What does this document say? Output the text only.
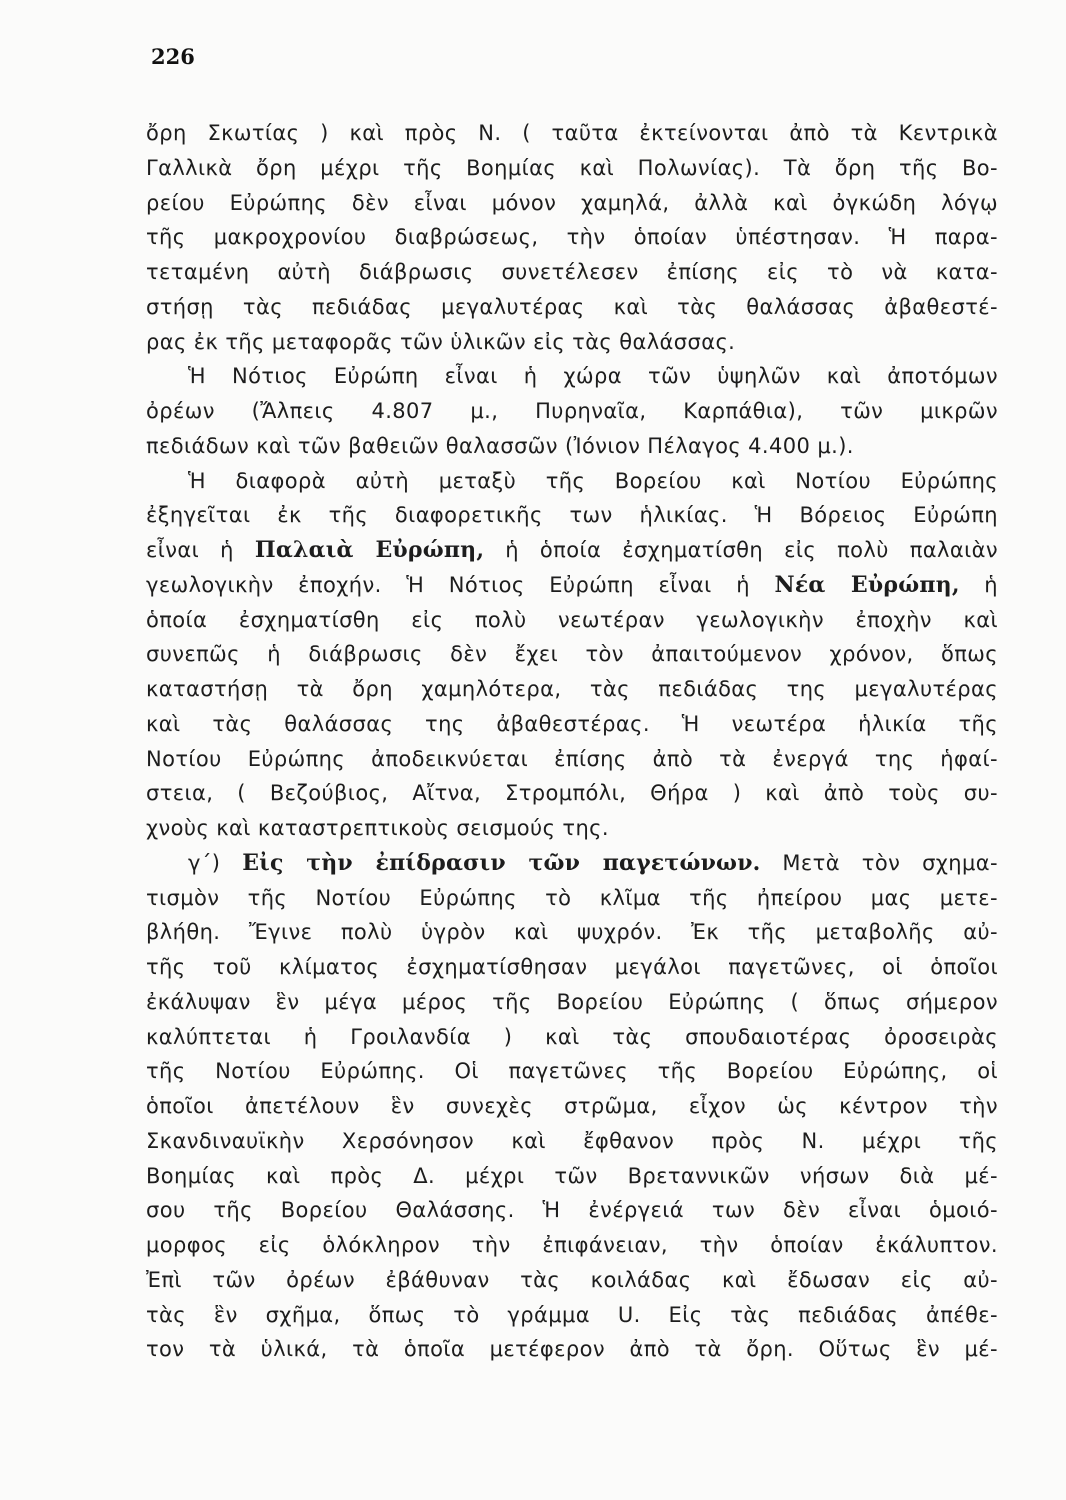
226
ὄρη Σκωτίας ) καὶ πρὸς Ν. ( ταῦτα ἐκτείνονται ἀπὸ τὰ Κεντρικὰ
Γαλλικὰ ὄρη μέχρι τῆς Βοημίας καὶ Πολωνίας). Τὰ ὄρη τῆς Βο-
ρείου Εὐρώπης δὲν εἶναι μόνον χαμηλά, ἀλλὰ καὶ ὀγκώδη λόγῳ
τῆς μακροχρονίου διαβρώσεως, τὴν ὁποίαν ὑπέστησαν. Ἡ παρα-
τεταμένη αὐτὴ διάβρωσις συνετέλεσεν ἐπίσης εἰς τὸ νὰ κατα-
στήσῃ τὰς πεδιάδας μεγαλυτέρας καὶ τὰς θαλάσσας ἀβαθεστέ-
ρας ἐκ τῆς μεταφορᾶς τῶν ὑλικῶν εἰς τὰς θαλάσσας.
Ἡ Νότιος Εὐρώπη εἶναι ἡ χώρα τῶν ὑψηλῶν καὶ ἀποτόμων
ὀρέων (Ἄλπεις 4.807 μ., Πυρηναῖα, Καρπάθια), τῶν μικρῶν
πεδιάδων καὶ τῶν βαθειῶν θαλασσῶν (Ἰόνιον Πέλαγος 4.400 μ.).
Ἡ διαφορὰ αὐτὴ μεταξὺ τῆς Βορείου καὶ Νοτίου Εὐρώπης
ἐξηγεῖται ἐκ τῆς διαφορετικῆς των ἡλικίας. Ἡ Βόρειος Εὐρώπη
εἶναι ἡ Παλαιὰ Εὐρώπη, ἡ ὁποία ἐσχηματίσθη εἰς πολὺ παλαιὰν
γεωλογικὴν ἐποχήν. Ἡ Νότιος Εὐρώπη εἶναι ἡ Νέα Εὐρώπη, ἡ
ὁποία ἐσχηματίσθη εἰς πολὺ νεωτέραν γεωλογικὴν ἐποχὴν καὶ
συνεπῶς ἡ διάβρωσις δὲν ἔχει τὸν ἀπαιτούμενον χρόνον, ὅπως
καταστήσῃ τὰ ὄρη χαμηλότερα, τὰς πεδιάδας της μεγαλυτέρας
καὶ τὰς θαλάσσας της ἀβαθεστέρας. Ἡ νεωτέρα ἡλικία τῆς
Νοτίου Εὐρώπης ἀποδεικνύεται ἐπίσης ἀπὸ τὰ ἐνεργά της ἡφαί-
στεια, ( Βεζούβιος, Αἴτνα, Στρομπόλι, Θήρα ) καὶ ἀπὸ τοὺς συ-
χνοὺς καὶ καταστρεπτικοὺς σεισμούς της.
γ΄) Εἰς τὴν ἐπίδρασιν τῶν παγετώνων. Μετὰ τὸν σχημα-
τισμὸν τῆς Νοτίου Εὐρώπης τὸ κλῖμα τῆς ἠπείρου μας μετε-
βλήθη. Ἔγινε πολὺ ὑγρὸν καὶ ψυχρόν. Ἐκ τῆς μεταβολῆς αὐ-
τῆς τοῦ κλίματος ἐσχηματίσθησαν μεγάλοι παγετῶνες, οἱ ὁποῖοι
ἐκάλυψαν ἓν μέγα μέρος τῆς Βορείου Εὐρώπης ( ὅπως σήμερον
καλύπτεται ἡ Γροιλανδία ) καὶ τὰς σπουδαιοτέρας ὀροσειρὰς
τῆς Νοτίου Εὐρώπης. Οἱ παγετῶνες τῆς Βορείου Εὐρώπης, οἱ
ὁποῖοι ἀπετέλουν ἓν συνεχὲς στρῶμα, εἶχον ὡς κέντρον τὴν
Σκανδιναυϊκὴν Χερσόνησον καὶ ἔφθανον πρὸς Ν. μέχρι τῆς
Βοημίας καὶ πρὸς Δ. μέχρι τῶν Βρεταννικῶν νήσων διὰ μέ-
σου τῆς Βορείου Θαλάσσης. Ἡ ἐνέργειά των δὲν εἶναι ὁμοιό-
μορφος εἰς ὁλόκληρον τὴν ἐπιφάνειαν, τὴν ὁποίαν ἐκάλυπτον.
Ἐπὶ τῶν ὀρέων ἐβάθυναν τὰς κοιλάδας καὶ ἔδωσαν εἰς αὐ-
τὰς ἓν σχῆμα, ὅπως τὸ γράμμα U. Εἰς τὰς πεδιάδας ἀπέθε-
τον τὰ ὑλικά, τὰ ὁποῖα μετέφερον ἀπὸ τὰ ὄρη. Οὕτως ἓν μέ-
